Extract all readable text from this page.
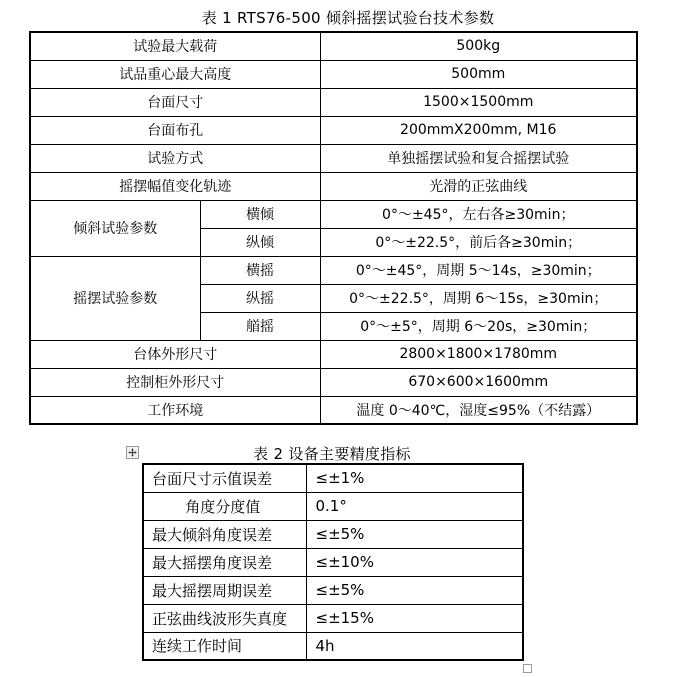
表 1 RTS76-500 倾斜摇摆试验台技术参数
试验最大载荷		500kg
试品重心最大高度		500mm
台面尺寸		1500×1500mm
台面布孔		200mmX200mm, M16
试验方式		单独摇摆试验和复合摇摆试验
摇摆幅值变化轨迹		光滑的正弦曲线
倾斜试验参数	横倾	0°～±45°，左右各≥30min；
	纵倾	0°～±22.5°，前后各≥30min；
摇摆试验参数	横摇	0°～±45°，周期 5～14s，≥30min；
	纵摇	0°～±22.5°，周期 6～15s，≥30min；
	艏摇	0°～±5°，周期 6～20s，≥30min；
台体外形尺寸		2800×1800×1780mm
控制柜外形尺寸		670×600×1600mm
工作环境		温度 0～40℃，湿度≤95%（不结露）
表 2 设备主要精度指标
台面尺寸示值误差	≤±1%
角度分度值	0.1°
最大倾斜角度误差	≤±5%
最大摇摆角度误差	≤±10%
最大摇摆周期误差	≤±5%
正弦曲线波形失真度	≤±15%
连续工作时间	4h
